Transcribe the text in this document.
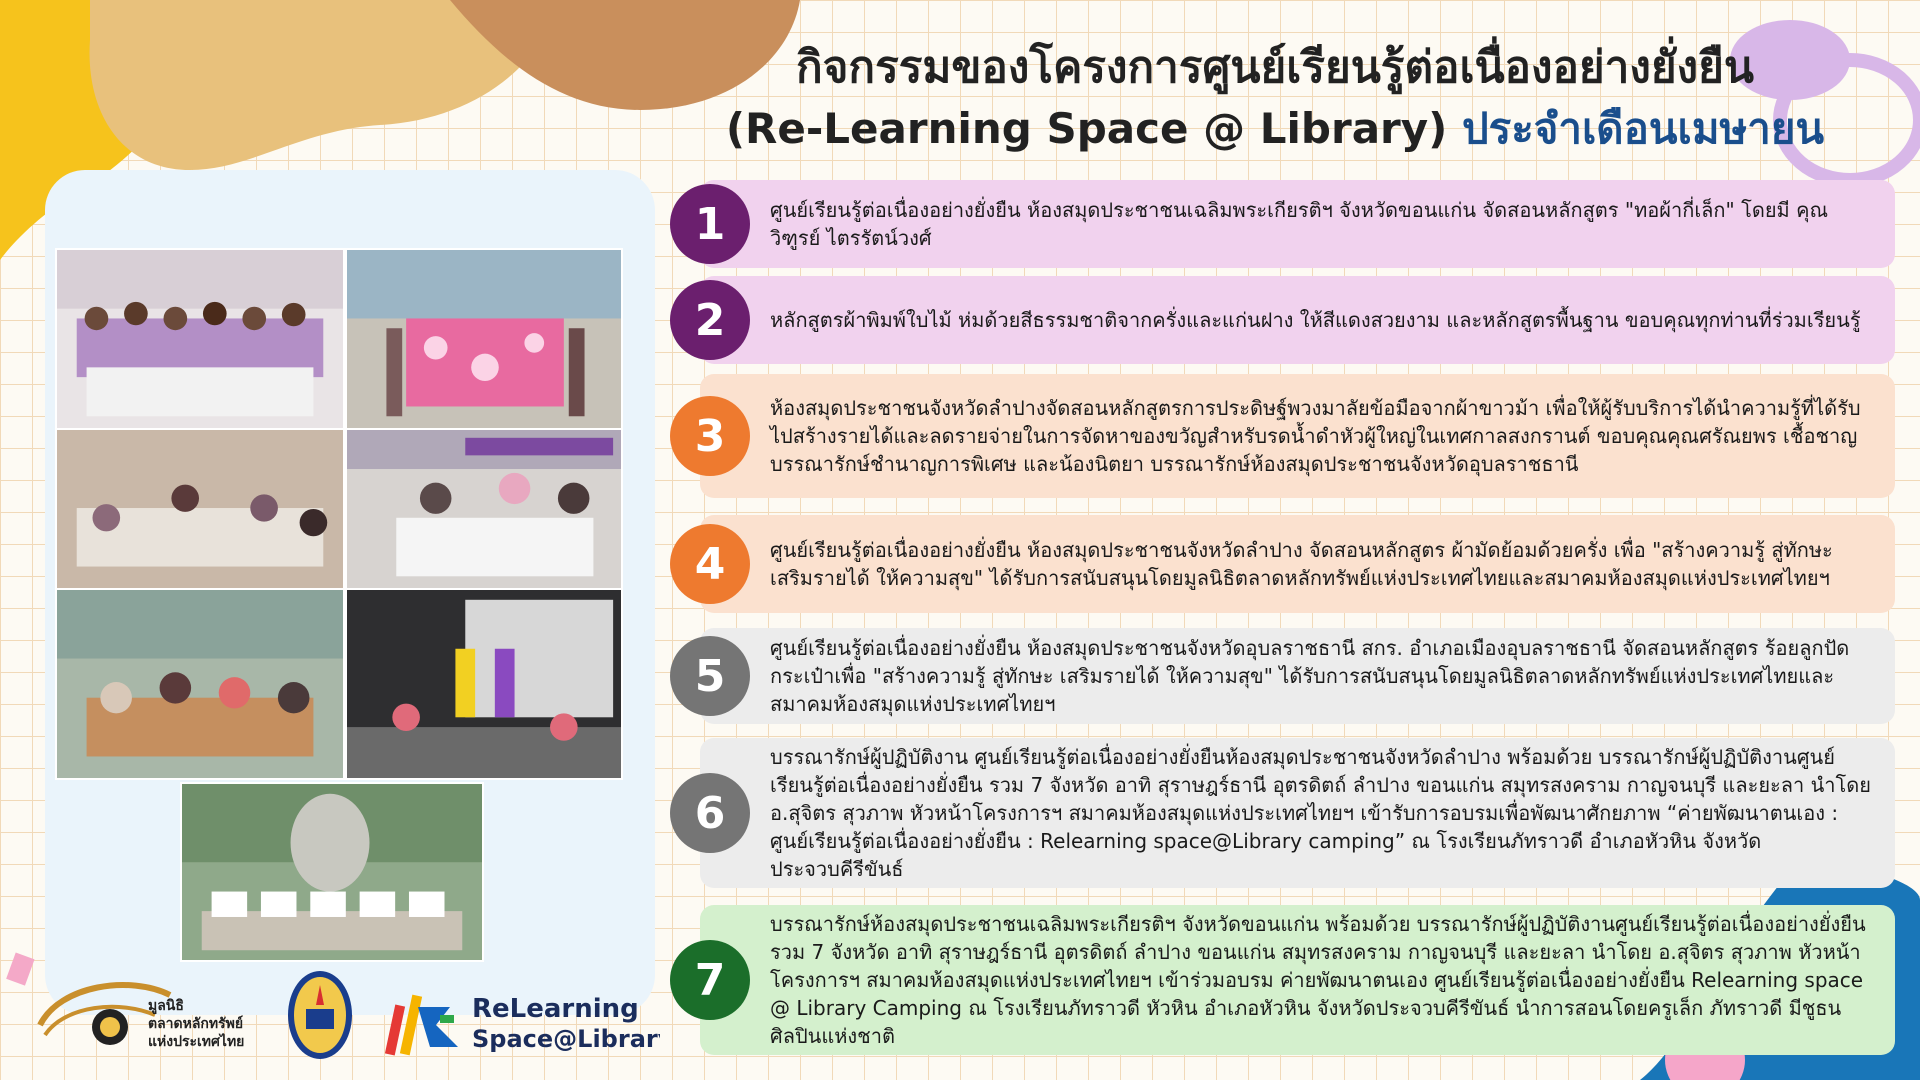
กิจกรรมของโครงการศูนย์เรียนรู้ต่อเนื่องอย่างยั่งยืน
(Re-Learning Space @ Library) ประจำเดือนเมษายน
มูลนิธิ
ตลาดหลักทรัพย์
แห่งประเทศไทย
ReLearning
Space@Library
1	ศูนย์เรียนรู้ต่อเนื่องอย่างยั่งยืน ห้องสมุดประชาชนเฉลิมพระเกียรติฯ จังหวัดขอนแก่น จัดสอนหลักสูตร "ทอผ้ากี่เล็ก" โดยมี คุณวิฑูรย์ ไตรรัตน์วงศ์
2	หลักสูตรผ้าพิมพ์ใบไม้ ห่มด้วยสีธรรมชาติจากครั่งและแก่นฝาง ให้สีแดงสวยงาม และหลักสูตรพื้นฐาน ขอบคุณทุกท่านที่ร่วมเรียนรู้
3
ห้องสมุดประชาชนจังหวัดลำปางจัดสอนหลักสูตรการประดิษฐ์พวงมาลัยข้อมือจากผ้าขาวม้า เพื่อให้ผู้รับบริการได้นำความรู้ที่ได้รับไปสร้างรายได้และลดรายจ่ายในการจัดหาของขวัญสำหรับรดน้ำดำหัวผู้ใหญ่ในเทศกาลสงกรานต์ ขอบคุณคุณศรัณยพร เชื้อชาญ บรรณารักษ์ชำนาญการพิเศษ และน้องนิตยา บรรณารักษ์ห้องสมุดประชาชนจังหวัดอุบลราชธานี
4	ศูนย์เรียนรู้ต่อเนื่องอย่างยั่งยืน ห้องสมุดประชาชนจังหวัดลำปาง จัดสอนหลักสูตร ผ้ามัดย้อมด้วยครั่ง เพื่อ "สร้างความรู้ สู่ทักษะ เสริมรายได้ ให้ความสุข" ได้รับการสนับสนุนโดยมูลนิธิตลาดหลักทรัพย์แห่งประเทศไทยและสมาคมห้องสมุดแห่งประเทศไทยฯ
5
ศูนย์เรียนรู้ต่อเนื่องอย่างยั่งยืน ห้องสมุดประชาชนจังหวัดอุบลราชธานี สกร. อำเภอเมืองอุบลราชธานี จัดสอนหลักสูตร ร้อยลูกปัดกระเป๋าเพื่อ "สร้างความรู้ สู่ทักษะ เสริมรายได้ ให้ความสุข" ได้รับการสนับสนุนโดยมูลนิธิตลาดหลักทรัพย์แห่งประเทศไทยและสมาคมห้องสมุดแห่งประเทศไทยฯ
6
บรรณารักษ์ผู้ปฏิบัติงาน ศูนย์เรียนรู้ต่อเนื่องอย่างยั่งยืนห้องสมุดประชาชนจังหวัดลำปาง พร้อมด้วย บรรณารักษ์ผู้ปฏิบัติงานศูนย์เรียนรู้ต่อเนื่องอย่างยั่งยืน รวม 7 จังหวัด อาทิ สุราษฎร์ธานี อุตรดิตถ์ ลำปาง ขอนแก่น สมุทรสงคราม กาญจนบุรี และยะลา นำโดย อ.สุจิตร สุวภาพ หัวหน้าโครงการฯ สมาคมห้องสมุดแห่งประเทศไทยฯ เข้ารับการอบรมเพื่อพัฒนาศักยภาพ “ค่ายพัฒนาตนเอง : ศูนย์เรียนรู้ต่อเนื่องอย่างยั่งยืน : Relearning space@Library camping” ณ โรงเรียนภัทราวดี อำเภอหัวหิน จังหวัดประจวบคีรีขันธ์
7
บรรณารักษ์ห้องสมุดประชาชนเฉลิมพระเกียรติฯ จังหวัดขอนแก่น พร้อมด้วย บรรณารักษ์ผู้ปฏิบัติงานศูนย์เรียนรู้ต่อเนื่องอย่างยั่งยืน รวม 7 จังหวัด อาทิ สุราษฎร์ธานี อุตรดิตถ์ ลำปาง ขอนแก่น สมุทรสงคราม กาญจนบุรี และยะลา นำโดย อ.สุจิตร สุวภาพ หัวหน้าโครงการฯ สมาคมห้องสมุดแห่งประเทศไทยฯ เข้าร่วมอบรม ค่ายพัฒนาตนเอง ศูนย์เรียนรู้ต่อเนื่องอย่างยั่งยืน Relearning space @ Library Camping ณ โรงเรียนภัทราวดี หัวหิน อำเภอหัวหิน จังหวัดประจวบคีรีขันธ์ นำการสอนโดยครูเล็ก ภัทราวดี มีชูธน ศิลปินแห่งชาติ
